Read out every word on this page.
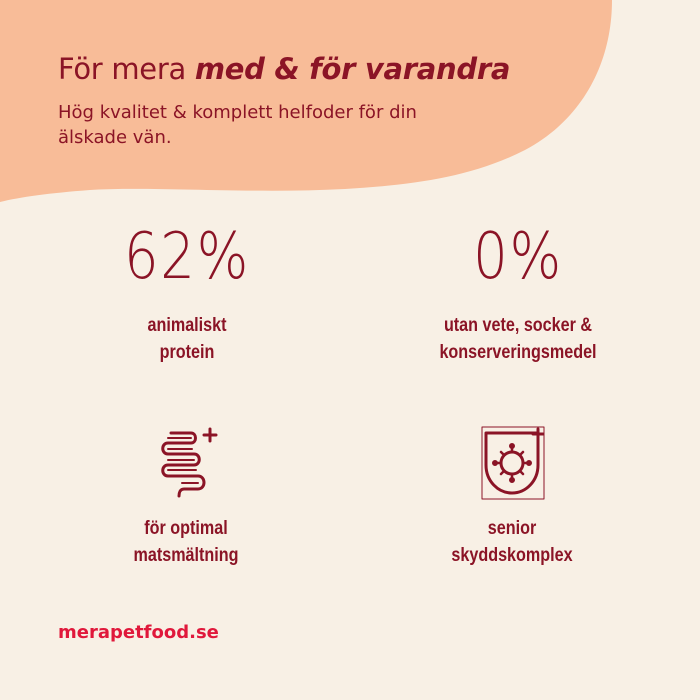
För mera med & för varandra

Hög kvalitet & komplett helfoder för din älskade vän.

62%
animaliskt
protein
0%
utan vete, socker &
konserveringsmedel
för optimal
matsmältning
senior
skyddskomplex
merapetfood.se
